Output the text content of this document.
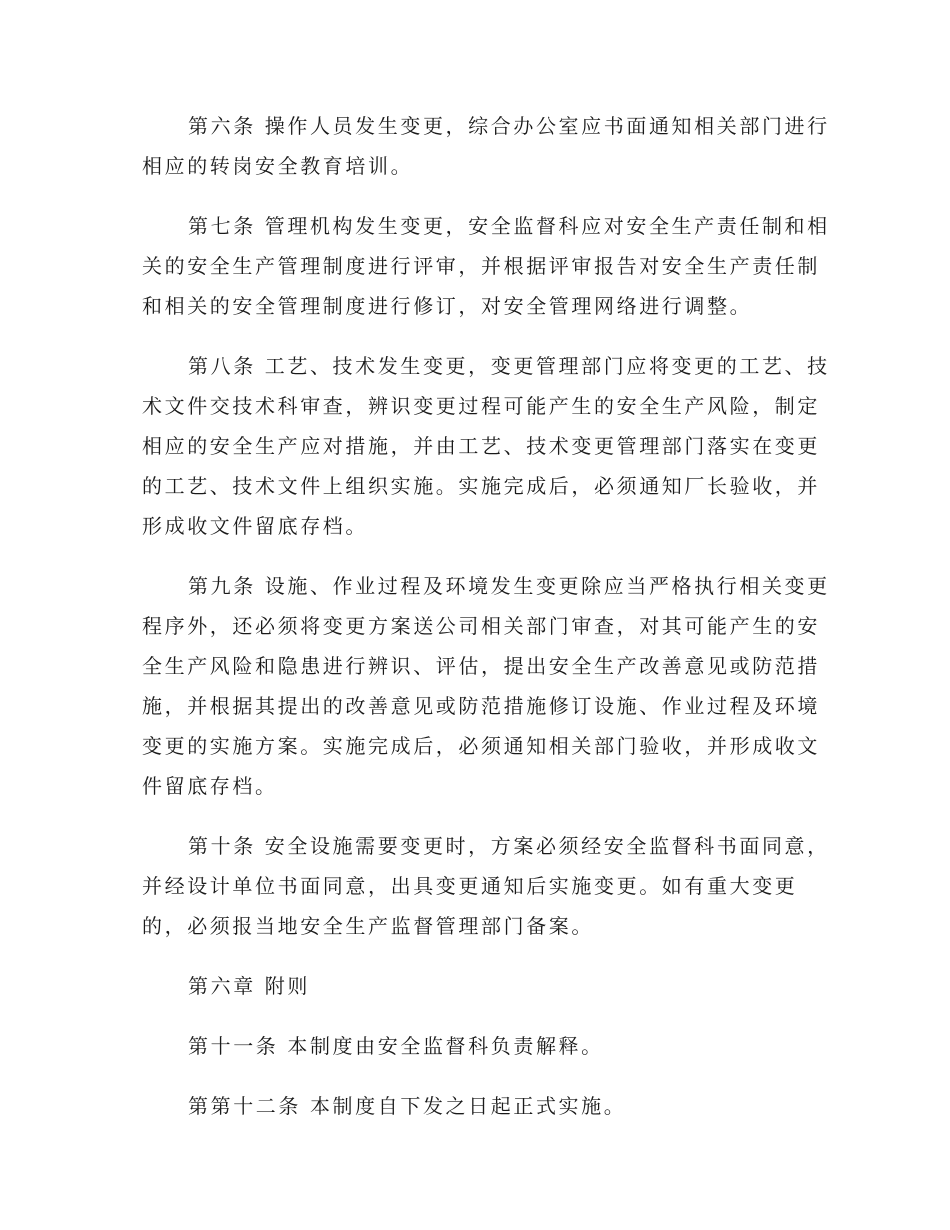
第六条 操作人员发生变更，综合办公室应书面通知相关部门进行
相应的转岗安全教育培训。

第七条 管理机构发生变更，安全监督科应对安全生产责任制和相
关的安全生产管理制度进行评审，并根据评审报告对安全生产责任制
和相关的安全管理制度进行修订，对安全管理网络进行调整。

第八条 工艺、技术发生变更，变更管理部门应将变更的工艺、技
术文件交技术科审查，辨识变更过程可能产生的安全生产风险，制定
相应的安全生产应对措施，并由工艺、技术变更管理部门落实在变更
的工艺、技术文件上组织实施。实施完成后，必须通知厂长验收，并
形成收文件留底存档。

第九条 设施、作业过程及环境发生变更除应当严格执行相关变更
程序外，还必须将变更方案送公司相关部门审查，对其可能产生的安
全生产风险和隐患进行辨识、评估，提出安全生产改善意见或防范措
施，并根据其提出的改善意见或防范措施修订设施、作业过程及环境
变更的实施方案。实施完成后，必须通知相关部门验收，并形成收文
件留底存档。

第十条 安全设施需要变更时，方案必须经安全监督科书面同意，
并经设计单位书面同意，出具变更通知后实施变更。如有重大变更
的，必须报当地安全生产监督管理部门备案。

第六章 附则
第十一条 本制度由安全监督科负责解释。
第第十二条 本制度自下发之日起正式实施。
